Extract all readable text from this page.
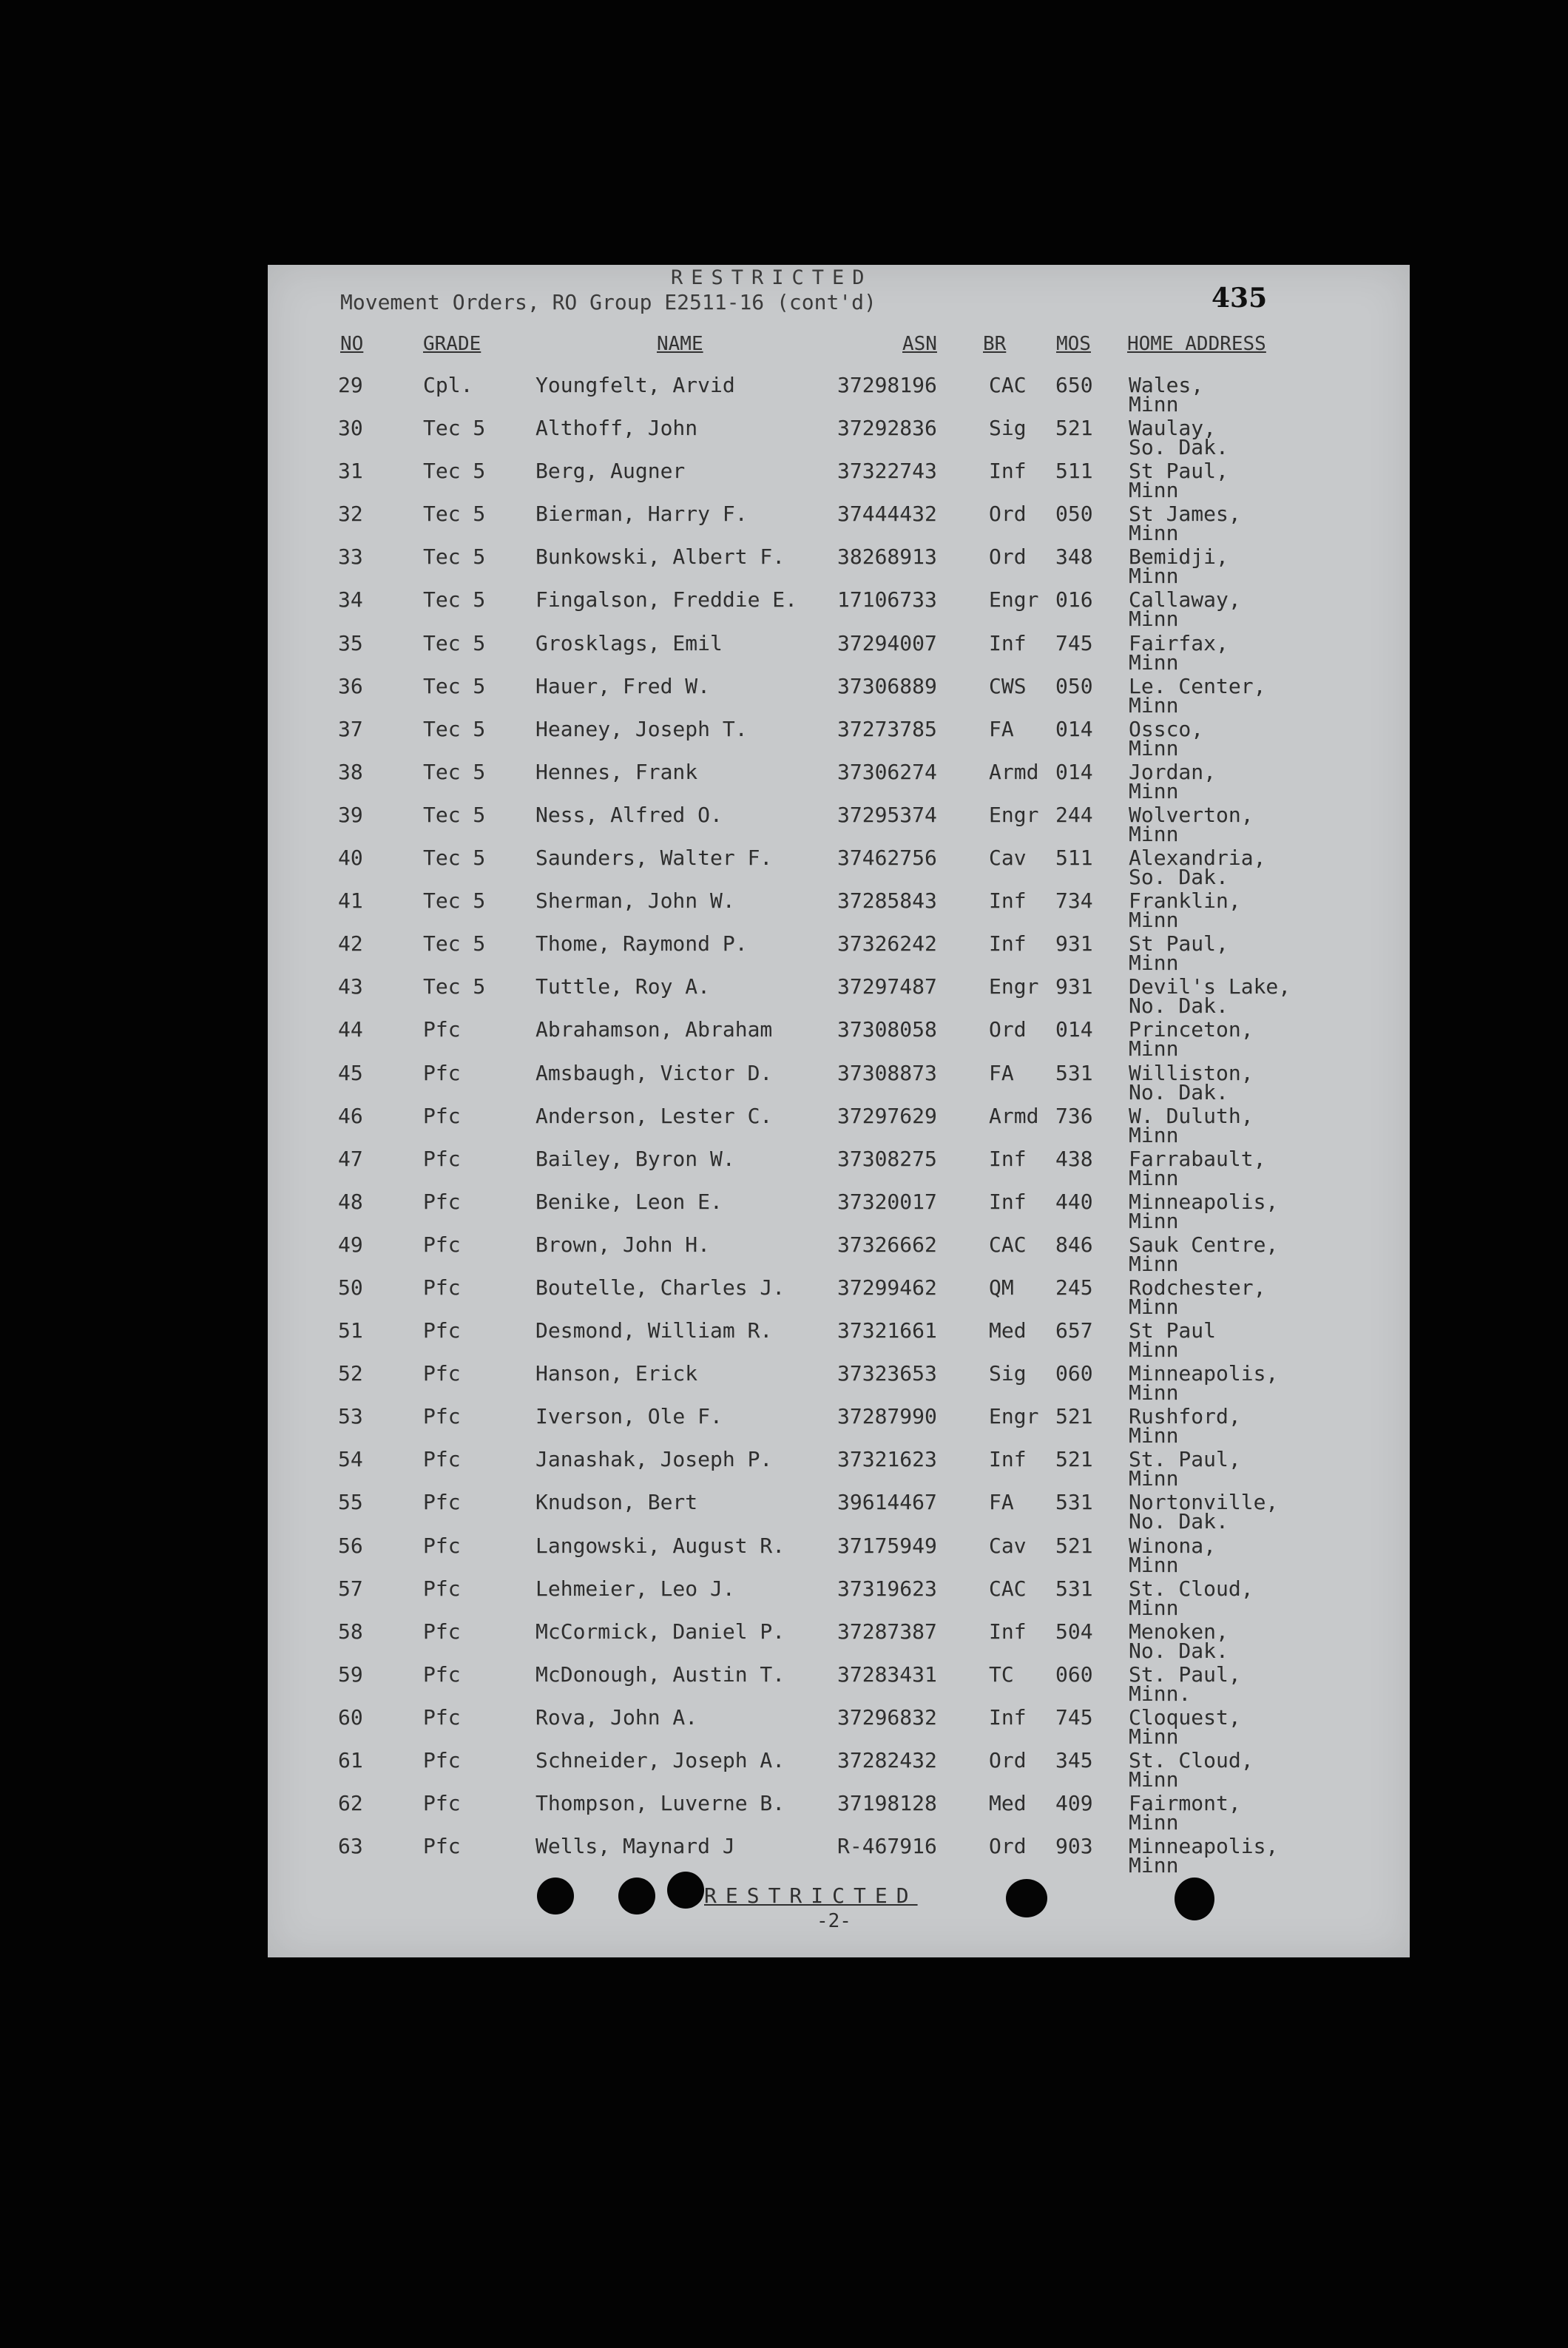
RESTRICTED
Movement Orders, RO Group E2511-16 (cont'd)	435
NO	GRADE	NAME	ASN BR	MOS HOME ADDRESS
29	Cpl.	Youngfelt, Arvid	37298196	CAC 650 Wales,
Minn
30	Tec 5 Althoff, John	37292836	Sig 521 Waulay,
So. Dak.
31	Tec 5 Berg, Augner	37322743	Inf 511 St Paul,
Minn
32	Tec 5 Bierman, Harry F.	37444432	Ord 050 St James,
Minn
33	Tec 5 Bunkowski, Albert F.	38268913	Ord 348 Bemidji,
Minn
34	Tec 5 Fingalson, Freddie E. 17106733	Engr 016 Callaway,
Minn
35	Tec 5 Grosklags, Emil	37294007	Inf 745 Fairfax,
Minn
36	Tec 5 Hauer, Fred W.	37306889	CWS 050 Le. Center,
Minn
37	Tec 5 Heaney, Joseph T.	37273785	FA 014 Ossco,
Minn
38	Tec 5 Hennes, Frank	37306274	Armd 014 Jordan,
Minn
39	Tec 5 Ness, Alfred O.	37295374	Engr 244 Wolverton,
Minn
40	Tec 5 Saunders, Walter F.	37462756	Cav 511 Alexandria,
So. Dak.
41	Tec 5 Sherman, John W.	37285843	Inf 734 Franklin,
Minn
42	Tec 5 Thome, Raymond P.	37326242	Inf 931 St Paul,
Minn
43	Tec 5 Tuttle, Roy A.	37297487	Engr 931 Devil's Lake,
No. Dak.
44	Pfc	Abrahamson, Abraham	37308058	Ord 014 Princeton,
Minn
45	Pfc	Amsbaugh, Victor D.	37308873	FA 531 Williston,
No. Dak.
46	Pfc	Anderson, Lester C.	37297629	Armd 736 W. Duluth,
Minn
47	Pfc	Bailey, Byron W.	37308275	Inf 438 Farrabault,
Minn
48	Pfc	Benike, Leon E.	37320017	Inf 440 Minneapolis,
Minn
49	Pfc	Brown, John H.	37326662	CAC 846 Sauk Centre,
Minn
50	Pfc	Boutelle, Charles J.	37299462	QM 245 Rodchester,
Minn
51	Pfc	Desmond, William R.	37321661	Med 657 St Paul
Minn
52	Pfc	Hanson, Erick	37323653	Sig 060 Minneapolis,
Minn
53	Pfc	Iverson, Ole F.	37287990	Engr 521 Rushford,
Minn
54	Pfc	Janashak, Joseph P.	37321623	Inf 521 St. Paul,
Minn
55	Pfc	Knudson, Bert	39614467	FA 531 Nortonville,
No. Dak.
56	Pfc	Langowski, August R.	37175949	Cav 521 Winona,
Minn
57	Pfc	Lehmeier, Leo J.	37319623	CAC 531 St. Cloud,
Minn
58	Pfc	McCormick, Daniel P.	37287387	Inf 504 Menoken,
No. Dak.
59	Pfc	McDonough, Austin T.	37283431	TC 060 St. Paul,
Minn.
60	Pfc	Rova, John A.	37296832	Inf 745 Cloquest,
Minn
61	Pfc	Schneider, Joseph A.	37282432	Ord 345 St. Cloud,
Minn
62	Pfc	Thompson, Luverne B.	37198128	Med 409 Fairmont,
Minn
63	Pfc	Wells, Maynard J	R-467916	Ord 903 Minneapolis,
Minn
RESTRICTED
-2-
